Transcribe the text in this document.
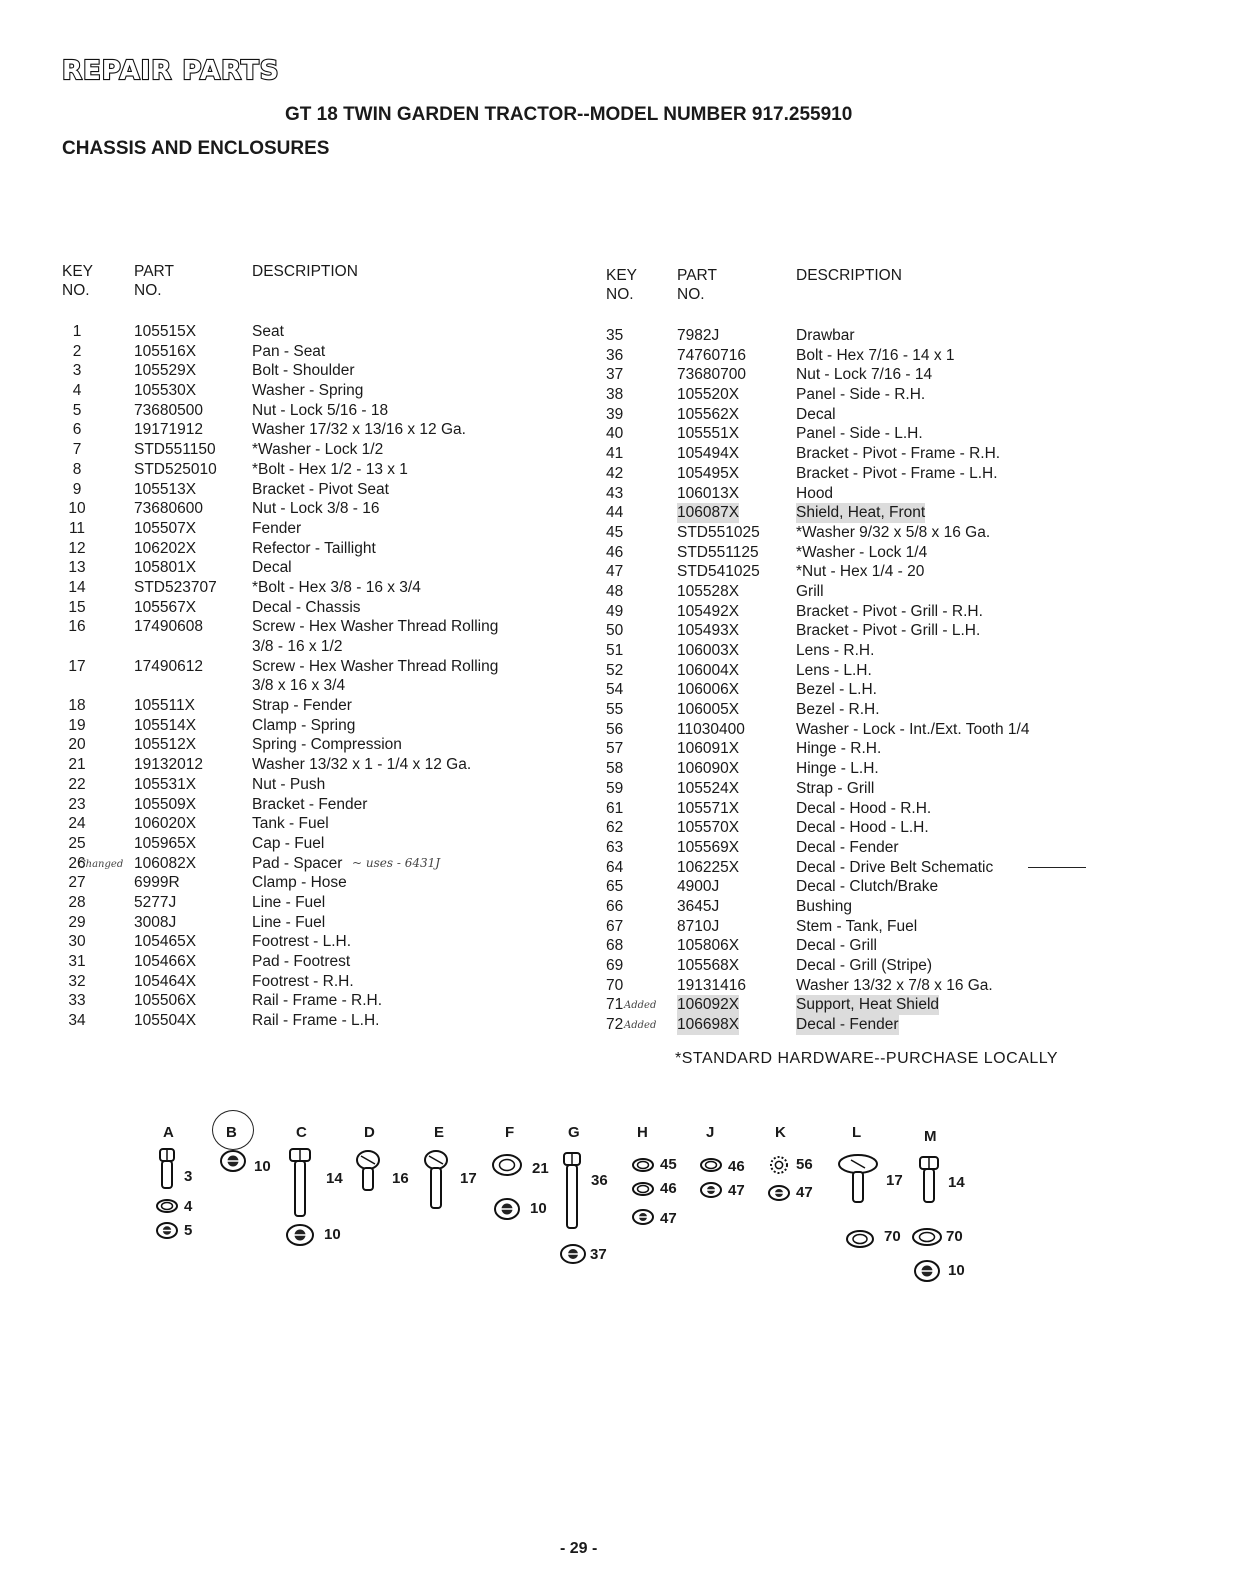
REPAIR PARTS
GT 18 TWIN GARDEN TRACTOR--MODEL NUMBER 917.255910
CHASSIS AND ENCLOSURES
KEY
NO.
PART
NO.
DESCRIPTION
1	105515X	Seat
2	105516X	Pan - Seat
3	105529X	Bolt - Shoulder
4	105530X	Washer - Spring
5	73680500	Nut - Lock 5/16 - 18
6	19171912	Washer 17/32 x 13/16 x 12 Ga.
7	STD551150 *Washer - Lock 1/2
8	STD525010 *Bolt - Hex 1/2 - 13 x 1
9	105513X	Bracket - Pivot Seat
10	73680600	Nut - Lock 3/8 - 16
11	105507X	Fender
12	106202X	Refector - Taillight
13	105801X	Decal
14	STD523707 *Bolt - Hex 3/8 - 16 x 3/4
15	105567X	Decal - Chassis
16	17490608	Screw - Hex Washer Thread Rolling
3/8 - 16 x 1/2
17	17490612	Screw - Hex Washer Thread Rolling
3/8 x 16 x 3/4
18	105511X	Strap - Fender
19	105514X	Clamp - Spring
20	105512X	Spring - Compression
21	19132012	Washer 13/32 x 1 - 1/4 x 12 Ga.
22	105531X	Nut - Push
23	105509X	Bracket - Fender
24	106020X	Tank - Fuel
25	105965X	Cap - Fuel
Changed
26	106082X	Pad - Spacer ~ uses - 6431J
27	6999R	Clamp - Hose
28	5277J	Line - Fuel
29	3008J	Line - Fuel
30	105465X	Footrest - L.H.
31	105466X	Pad - Footrest
32	105464X	Footrest - R.H.
33	105506X	Rail - Frame - R.H.
34	105504X	Rail - Frame - L.H.
KEY
NO.
PART
NO.
DESCRIPTION
35	7982J	Drawbar
36	74760716	Bolt - Hex 7/16 - 14 x 1
37	73680700	Nut - Lock 7/16 - 14
38	105520X	Panel - Side - R.H.
39	105562X	Decal
40	105551X	Panel - Side - L.H.
41	105494X	Bracket - Pivot - Frame - R.H.
42	105495X	Bracket - Pivot - Frame - L.H.
43	106013X	Hood
44	106087X	Shield, Heat, Front
45	STD551025 *Washer 9/32 x 5/8 x 16 Ga.
46	STD551125 *Washer - Lock 1/4
47	STD541025 *Nut - Hex 1/4 - 20
48	105528X	Grill
49	105492X	Bracket - Pivot - Grill - R.H.
50	105493X	Bracket - Pivot - Grill - L.H.
51	106003X	Lens - R.H.
52	106004X	Lens - L.H.
54	106006X	Bezel - L.H.
55	106005X	Bezel - R.H.
56	11030400	Washer - Lock - Int./Ext. Tooth 1/4
57	106091X	Hinge - R.H.
58	106090X	Hinge - L.H.
59	105524X	Strap - Grill
61	105571X	Decal - Hood - R.H.
62	105570X	Decal - Hood - L.H.
63	105569X	Decal - Fender
64	106225X	Decal - Drive Belt Schematic
65	4900J	Decal - Clutch/Brake
66	3645J	Bushing
67	8710J	Stem - Tank, Fuel
68	105806X	Decal - Grill
69	105568X	Decal - Grill (Stripe)
70	19131416	Washer 13/32 x 7/8 x 16 Ga.
Added
71	106092X	Support, Heat Shield
Added
72	106698X	Decal - Fender
*STANDARD HARDWARE--PURCHASE LOCALLY
A	B	C	D	E	F	G	H	J	K	L	M
3
4
5
10
14
10
16	17
21
10
36
37
45
46
47
46
47
56
47
17
70
14
70
10
- 29 -
